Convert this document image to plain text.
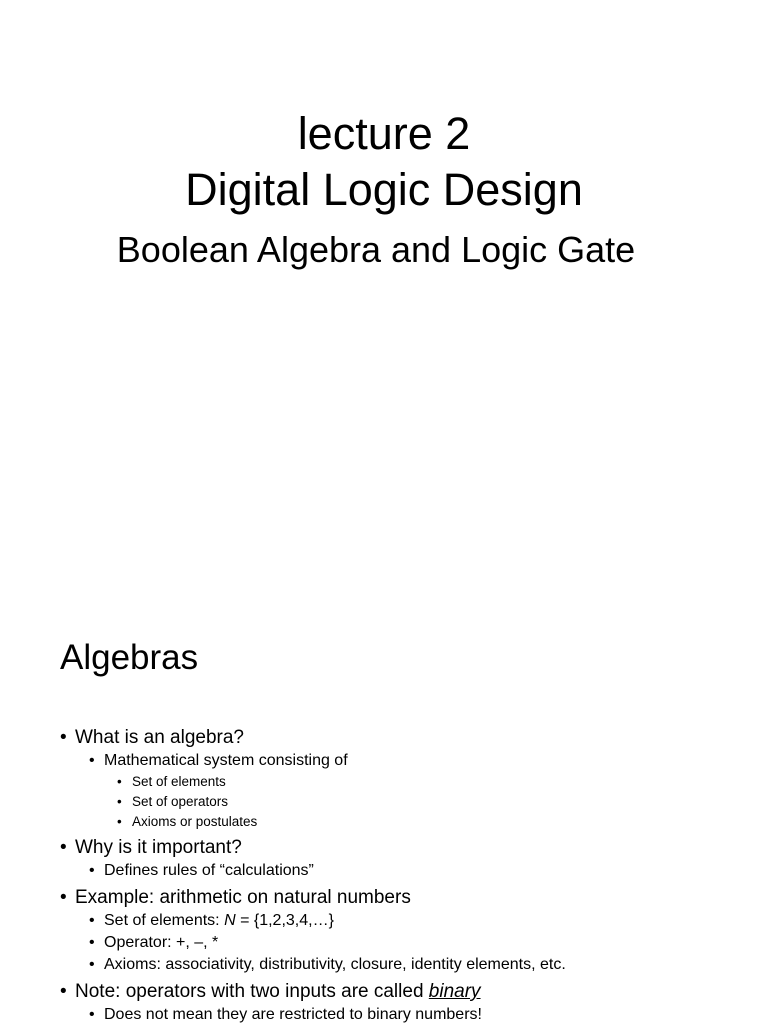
lecture 2
Digital Logic Design
Boolean Algebra and Logic Gate
Algebras
• What is an algebra?
• Mathematical system consisting of
• Set of elements
• Set of operators
• Axioms or postulates
• Why is it important?
• Defines rules of “calculations”
• Example: arithmetic on natural numbers
• Set of elements: N = {1,2,3,4,…}
• Operator: +, –, *
• Axioms: associativity, distributivity, closure, identity elements, etc.
• Note: operators with two inputs are called binary
• Does not mean they are restricted to binary numbers!
